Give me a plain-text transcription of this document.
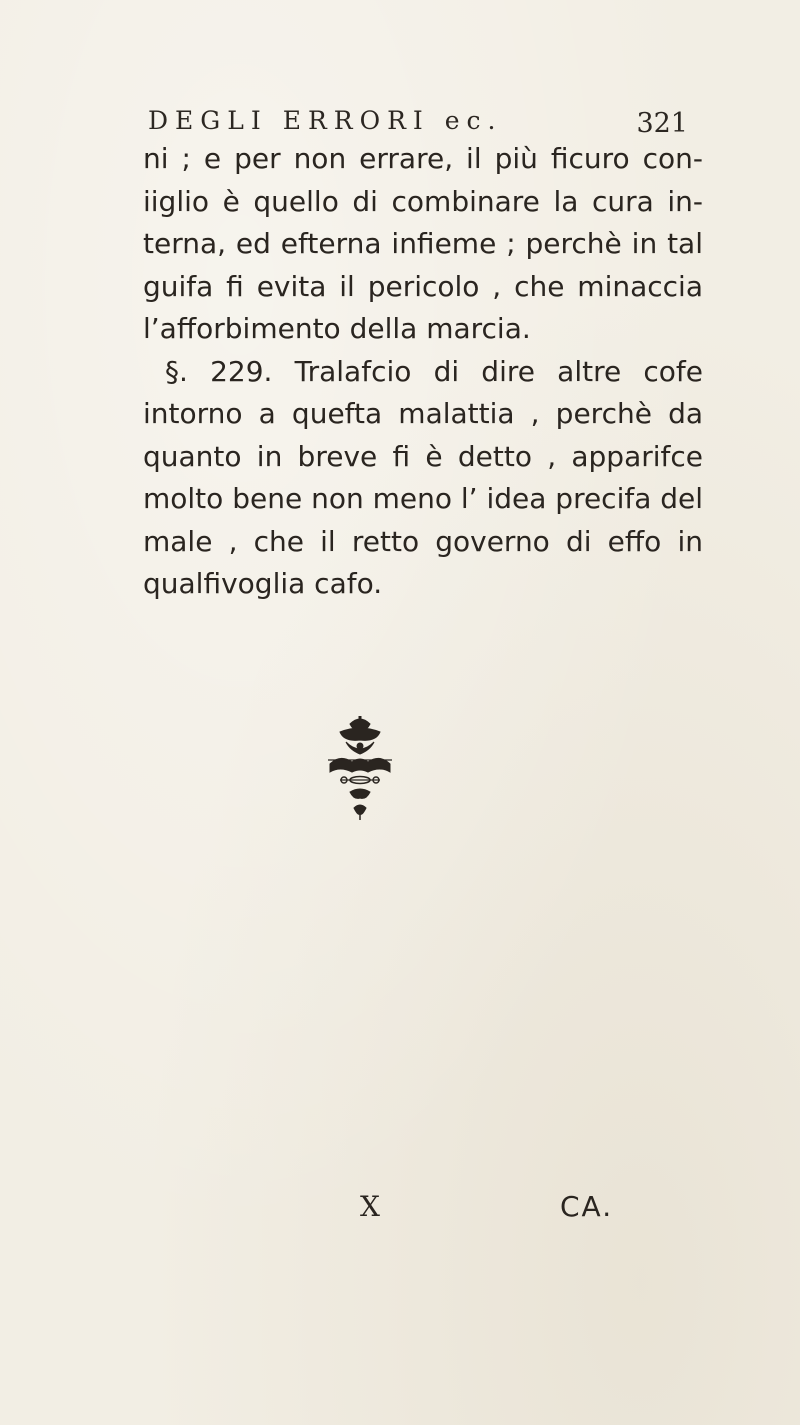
DEGLI ERRORI ec.	321
ni ; e per non errare, il più ficuro con-
iiglio è quello di combinare la cura in-
terna, ed efterna infieme ; perchè in tal
guifa fi evita il pericolo , che minaccia
l’afforbimento della marcia.
§. 229. Tralafcio di dire altre cofe
intorno a quefta malattia , perchè da
quanto in breve fi è detto , apparifce
molto bene non meno l’ idea precifa del
male , che il retto governo di effo in
qualfivoglia cafo.
X	CA.
